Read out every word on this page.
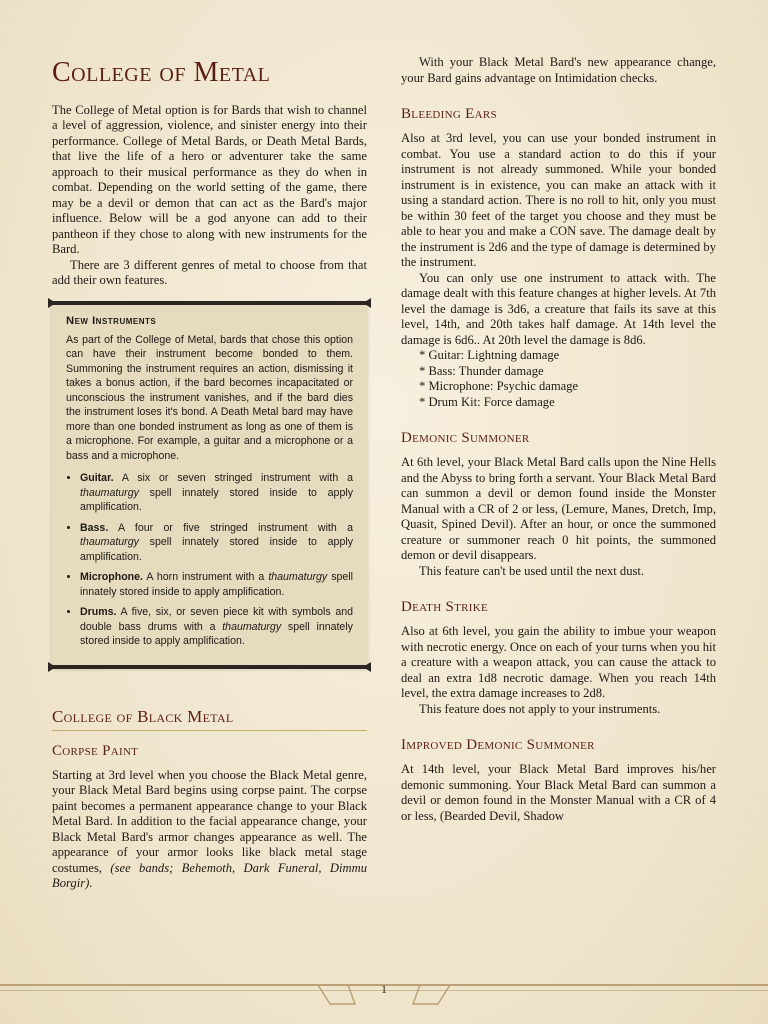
College of Metal

The College of Metal option is for Bards that wish to channel a level of aggression, violence, and sinister energy into their performance. College of Metal Bards, or Death Metal Bards, that live the life of a hero or adventurer take the same approach to their musical performance as they do when in combat. Depending on the world setting of the game, there may be a devil or demon that can act as the Bard's major influence. Below will be a god anyone can add to their pantheon if they chose to along with new instruments for the Bard.

There are 3 different genres of metal to choose from that add their own features.

New Instruments

As part of the College of Metal, bards that chose this option can have their instrument become bonded to them. Summoning the instrument requires an action, dismissing it takes a bonus action, if the bard becomes incapacitated or unconscious the instrument vanishes, and if the bard dies the instrument loses it's bond. A Death Metal bard may have more than one bonded instrument as long as one of them is a microphone. For example, a guitar and a microphone or a bass and a microphone.

• Guitar. A six or seven stringed instrument with a thaumaturgy spell innately stored inside to apply amplification.
• Bass. A four or five stringed instrument with a thaumaturgy spell innately stored inside to apply amplification.
• Microphone. A horn instrument with a thaumaturgy spell innately stored inside to apply amplification.
• Drums. A five, six, or seven piece kit with symbols and double bass drums with a thaumaturgy spell innately stored inside to apply amplification.
College of Black Metal
Corpse Paint

Starting at 3rd level when you choose the Black Metal genre, your Black Metal Bard begins using corpse paint. The corpse paint becomes a permanent appearance change to your Black Metal Bard. In addition to the facial appearance change, your Black Metal Bard's armor changes appearance as well. The appearance of your armor looks like black metal stage costumes, (see bands; Behemoth, Dark Funeral, Dimmu Borgir).

With your Black Metal Bard's new appearance change, your Bard gains advantage on Intimidation checks.

Bleeding Ears

Also at 3rd level, you can use your bonded instrument in combat. You use a standard action to do this if your instrument is not already summoned. While your bonded instrument is in existence, you can make an attack with it using a standard action. There is no roll to hit, only you must be within 30 feet of the target you choose and they must be able to hear you and make a CON save. The damage dealt by the instrument is 2d6 and the type of damage is determined by the instrument.

You can only use one instrument to attack with. The damage dealt with this feature changes at higher levels. At 7th level the damage is 3d6, a creature that fails its save at this level, 14th, and 20th takes half damage. At 14th level the damage is 6d6.. At 20th level the damage is 8d6.

* Guitar: Lightning damage
* Bass: Thunder damage
* Microphone: Psychic damage
* Drum Kit: Force damage
Demonic Summoner

At 6th level, your Black Metal Bard calls upon the Nine Hells and the Abyss to bring forth a servant. Your Black Metal Bard can summon a devil or demon found inside the Monster Manual with a CR of 2 or less, (Lemure, Manes, Dretch, Imp, Quasit, Spined Devil). After an hour, or once the summoned creature or summoner reach 0 hit points, the summoned demon or devil disappears.

This feature can't be used until the next dust.

Death Strike

Also at 6th level, you gain the ability to imbue your weapon with necrotic energy. Once on each of your turns when you hit a creature with a weapon attack, you can cause the attack to deal an extra 1d8 necrotic damage. When you reach 14th level, the extra damage increases to 2d8.

This feature does not apply to your instruments.

Improved Demonic Summoner

At 14th level, your Black Metal Bard improves his/her demonic summoning. Your Black Metal Bard can summon a devil or demon found in the Monster Manual with a CR of 4 or less, (Bearded Devil, Shadow

1
